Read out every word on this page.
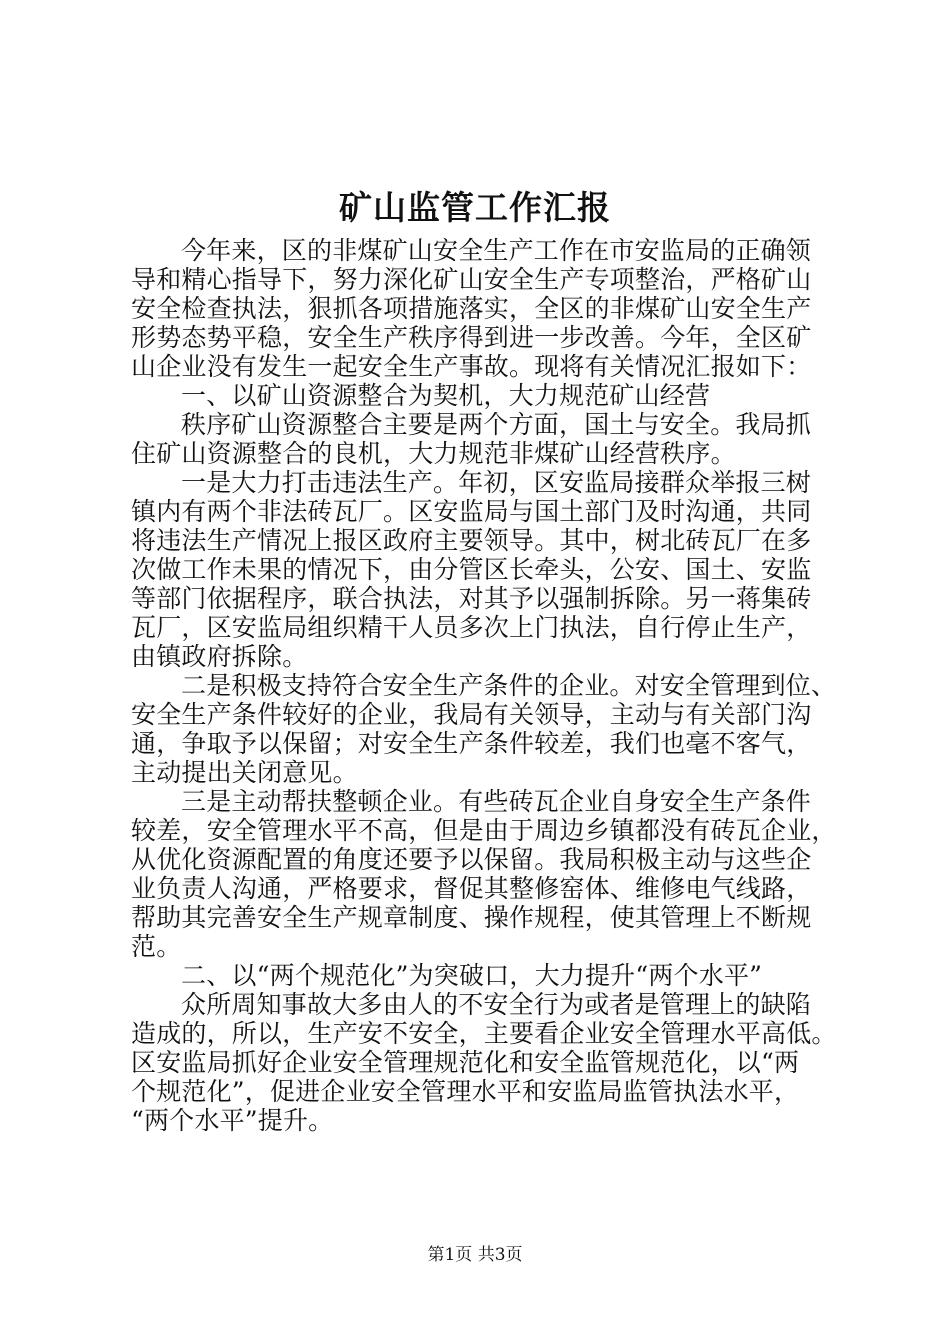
矿山监管工作汇报
今年来，区的非煤矿山安全生产工作在市安监局的正确领
导和精心指导下，努力深化矿山安全生产专项整治，严格矿山
安全检查执法，狠抓各项措施落实，全区的非煤矿山安全生产
形势态势平稳，安全生产秩序得到进一步改善。今年，全区矿
山企业没有发生一起安全生产事故。现将有关情况汇报如下：
一、以矿山资源整合为契机，大力规范矿山经营
秩序矿山资源整合主要是两个方面，国土与安全。我局抓
住矿山资源整合的良机，大力规范非煤矿山经营秩序。
一是大力打击违法生产。年初，区安监局接群众举报三树
镇内有两个非法砖瓦厂。区安监局与国土部门及时沟通，共同
将违法生产情况上报区政府主要领导。其中，树北砖瓦厂在多
次做工作未果的情况下，由分管区长牵头，公安、国土、安监
等部门依据程序，联合执法，对其予以强制拆除。另一蒋集砖
瓦厂，区安监局组织精干人员多次上门执法，自行停止生产，
由镇政府拆除。
二是积极支持符合安全生产条件的企业。对安全管理到位、
安全生产条件较好的企业，我局有关领导，主动与有关部门沟
通，争取予以保留；对安全生产条件较差，我们也毫不客气，
主动提出关闭意见。
三是主动帮扶整顿企业。有些砖瓦企业自身安全生产条件
较差，安全管理水平不高，但是由于周边乡镇都没有砖瓦企业，
从优化资源配置的角度还要予以保留。我局积极主动与这些企
业负责人沟通，严格要求，督促其整修窑体、维修电气线路，
帮助其完善安全生产规章制度、操作规程，使其管理上不断规
范。
二、以“两个规范化”为突破口，大力提升“两个水平”
众所周知事故大多由人的不安全行为或者是管理上的缺陷
造成的，所以，生产安不安全，主要看企业安全管理水平高低。
区安监局抓好企业安全管理规范化和安全监管规范化，以“两
个规范化”，促进企业安全管理水平和安监局监管执法水平，
“两个水平”提升。
第1页 共3页
